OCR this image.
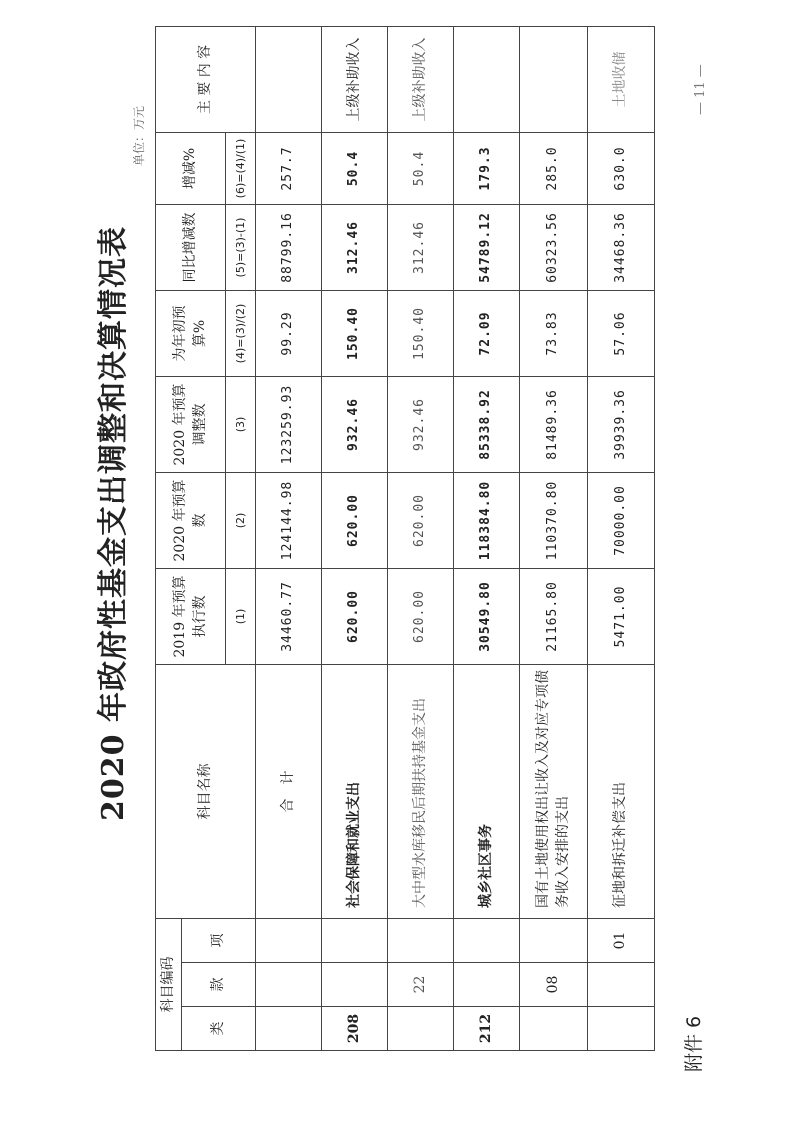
附件 6
2020 年政府性基金支出调整和决算情况表
单位：万元
— 11 —
科目编码			科目名称	2019 年预算执行数	2020 年预算数	2020 年预算调整数	为年初预算%	同比增减数	增减%	主 要 内 容
类	款	项								
				(1)	(2)	(3)	(4)=(3)/(2)	(5)=(3)-(1)	(6)=(4)/(1)	
			合　计	34460.77	124144.98	123259.93	99.29	88799.16	257.7	
208			社会保障和就业支出	620.00	620.00	932.46	150.40	312.46	50.4	上级补助收入
	22		大中型水库移民后期扶持基金支出	620.00	620.00	932.46	150.40	312.46	50.4	上级补助收入
212			城乡社区事务	30549.80	118384.80	85338.92	72.09	54789.12	179.3	
	08		国有土地使用权出让收入及对应专项债务收入安排的支出	21165.80	110370.80	81489.36	73.83	60323.56	285.0	
		01	征地和拆迁补偿支出	5471.00	70000.00	39939.36	57.06	34468.36	630.0	土地收储
